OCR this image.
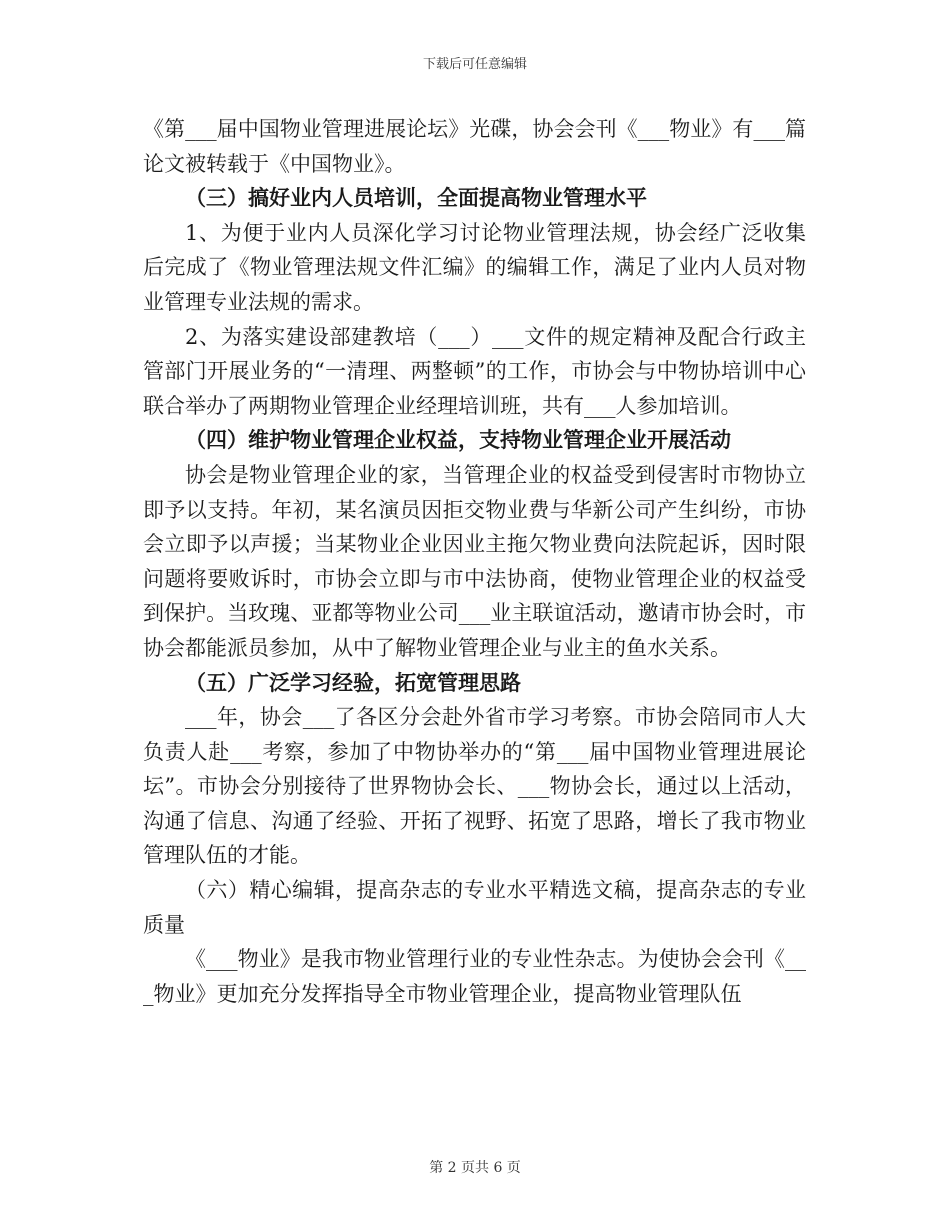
下载后可任意编辑

《第___届中国物业管理进展论坛》光碟，协会会刊《___物业》有___篇论文被转载于《中国物业》。

（三）搞好业内人员培训，全面提高物业管理水平

1、为便于业内人员深化学习讨论物业管理法规，协会经广泛收集后完成了《物业管理法规文件汇编》的编辑工作，满足了业内人员对物业管理专业法规的需求。

2、为落实建设部建教培（___）___文件的规定精神及配合行政主管部门开展业务的“一清理、两整顿”的工作，市协会与中物协培训中心联合举办了两期物业管理企业经理培训班，共有___人参加培训。

（四）维护物业管理企业权益，支持物业管理企业开展活动

协会是物业管理企业的家，当管理企业的权益受到侵害时市物协立即予以支持。年初，某名演员因拒交物业费与华新公司产生纠纷，市协会立即予以声援；当某物业企业因业主拖欠物业费向法院起诉，因时限问题将要败诉时，市协会立即与市中法协商，使物业管理企业的权益受到保护。当玫瑰、亚都等物业公司___业主联谊活动，邀请市协会时，市协会都能派员参加，从中了解物业管理企业与业主的鱼水关系。

（五）广泛学习经验，拓宽管理思路

___年，协会___了各区分会赴外省市学习考察。市协会陪同市人大负责人赴___考察，参加了中物协举办的“第___届中国物业管理进展论坛”。市协会分别接待了世界物协会长、___物协会长，通过以上活动，沟通了信息、沟通了经验、开拓了视野、拓宽了思路，增长了我市物业管理队伍的才能。

（六）精心编辑，提高杂志的专业水平精选文稿，提高杂志的专业质量

《___物业》是我市物业管理行业的专业性杂志。为使协会会刊《___物业》更加充分发挥指导全市物业管理企业，提高物业管理队伍

第 2 页共 6 页
